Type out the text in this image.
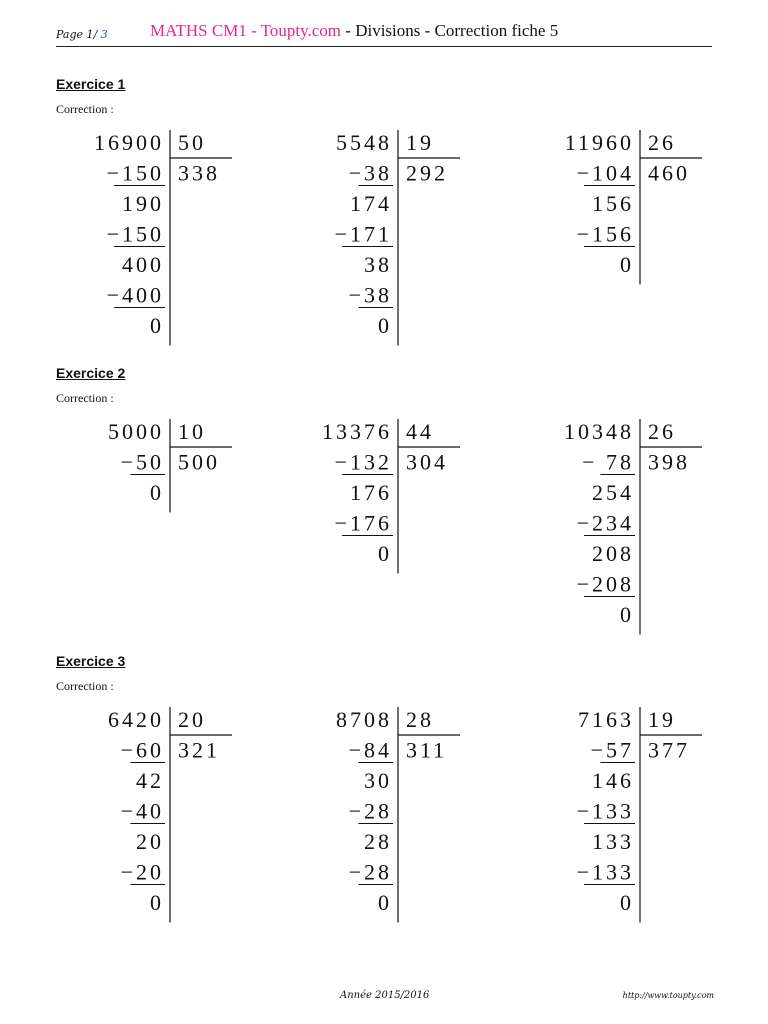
Page 1/ 3 MATHS CM1 - Toupty.com - Divisions - Correction fiche 5
Exercice 1
Correction :
Exercice 2
Correction :
Exercice 3
Correction :
16900 50
338
−150
190
−150
400
−400
0
5548 19
292
−38
174
−171
38
−38
0
11960 26
460
−104
156
−156
0
5000 10
500
−50
0
13376 44
304
−132
176
−176
0
10348 26
398
− 78
254
−234
208
−208
0
6420 20
321
−60
42
−40
20
−20
0
8708 28
311
−84
30
−28
28
−28
0
7163 19
377
−57
146
−133
133
−133
0
Année 2015/2016	http://www.toupty.com
